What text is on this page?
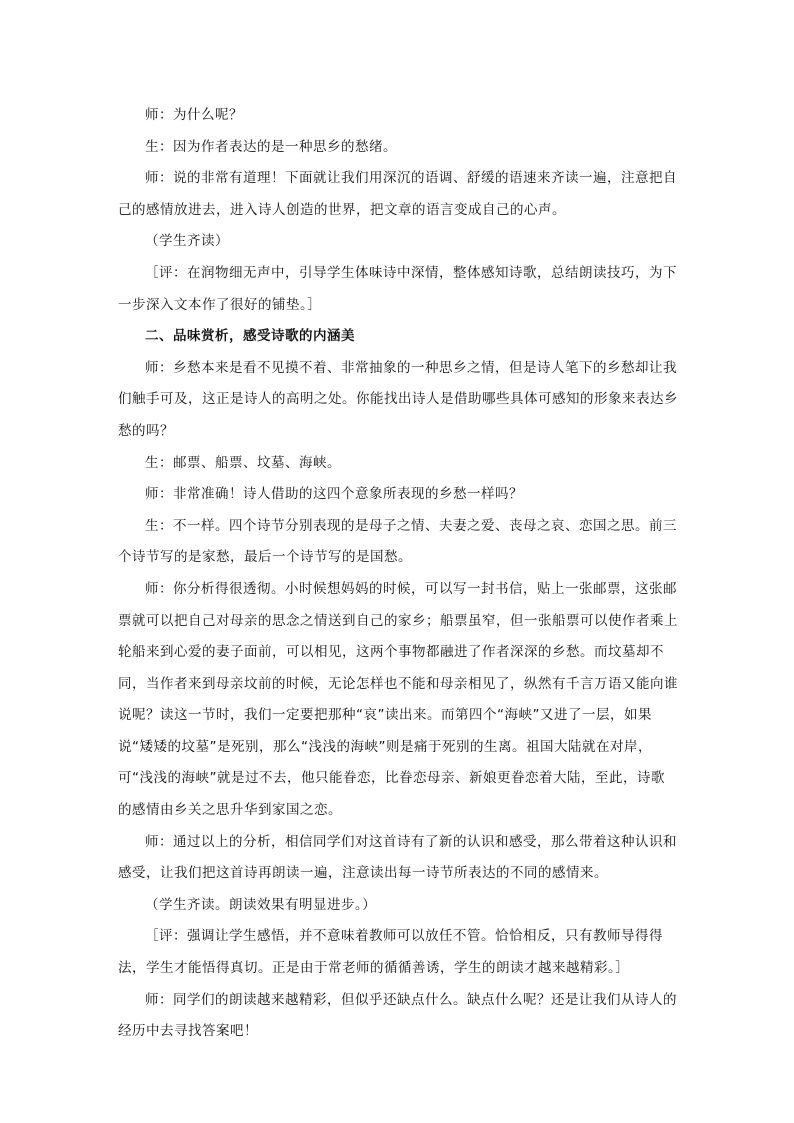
师：为什么呢？

生：因为作者表达的是一种思乡的愁绪。

师：说的非常有道理！下面就让我们用深沉的语调、舒缓的语速来齐读一遍，注意把自己的感情放进去，进入诗人创造的世界，把文章的语言变成自己的心声。

（学生齐读）

［评：在润物细无声中，引导学生体味诗中深情，整体感知诗歌，总结朗读技巧，为下一步深入文本作了很好的铺垫。］

二、品味赏析，感受诗歌的内涵美

师：乡愁本来是看不见摸不着、非常抽象的一种思乡之情，但是诗人笔下的乡愁却让我们触手可及，这正是诗人的高明之处。你能找出诗人是借助哪些具体可感知的形象来表达乡愁的吗？

生：邮票、船票、坟墓、海峡。

师：非常准确！诗人借助的这四个意象所表现的乡愁一样吗？

生：不一样。四个诗节分别表现的是母子之情、夫妻之爱、丧母之哀、恋国之思。前三个诗节写的是家愁，最后一个诗节写的是国愁。

师：你分析得很透彻。小时候想妈妈的时候，可以写一封书信，贴上一张邮票，这张邮票就可以把自己对母亲的思念之情送到自己的家乡；船票虽窄，但一张船票可以使作者乘上轮船来到心爱的妻子面前，可以相见，这两个事物都融进了作者深深的乡愁。而坟墓却不同，当作者来到母亲坟前的时候，无论怎样也不能和母亲相见了，纵然有千言万语又能向谁说呢？读这一节时，我们一定要把那种“哀”读出来。而第四个“海峡”又进了一层，如果说“矮矮的坟墓”是死别，那么“浅浅的海峡”则是痛于死别的生离。祖国大陆就在对岸，可“浅浅的海峡”就是过不去，他只能眷恋，比眷恋母亲、新娘更眷恋着大陆，至此，诗歌的感情由乡关之思升华到家国之恋。

师：通过以上的分析，相信同学们对这首诗有了新的认识和感受，那么带着这种认识和感受，让我们把这首诗再朗读一遍，注意读出每一诗节所表达的不同的感情来。

（学生齐读。朗读效果有明显进步。）

［评：强调让学生感悟，并不意味着教师可以放任不管。恰恰相反，只有教师导得得法，学生才能悟得真切。正是由于常老师的循循善诱，学生的朗读才越来越精彩。］

师：同学们的朗读越来越精彩，但似乎还缺点什么。缺点什么呢？还是让我们从诗人的经历中去寻找答案吧！
